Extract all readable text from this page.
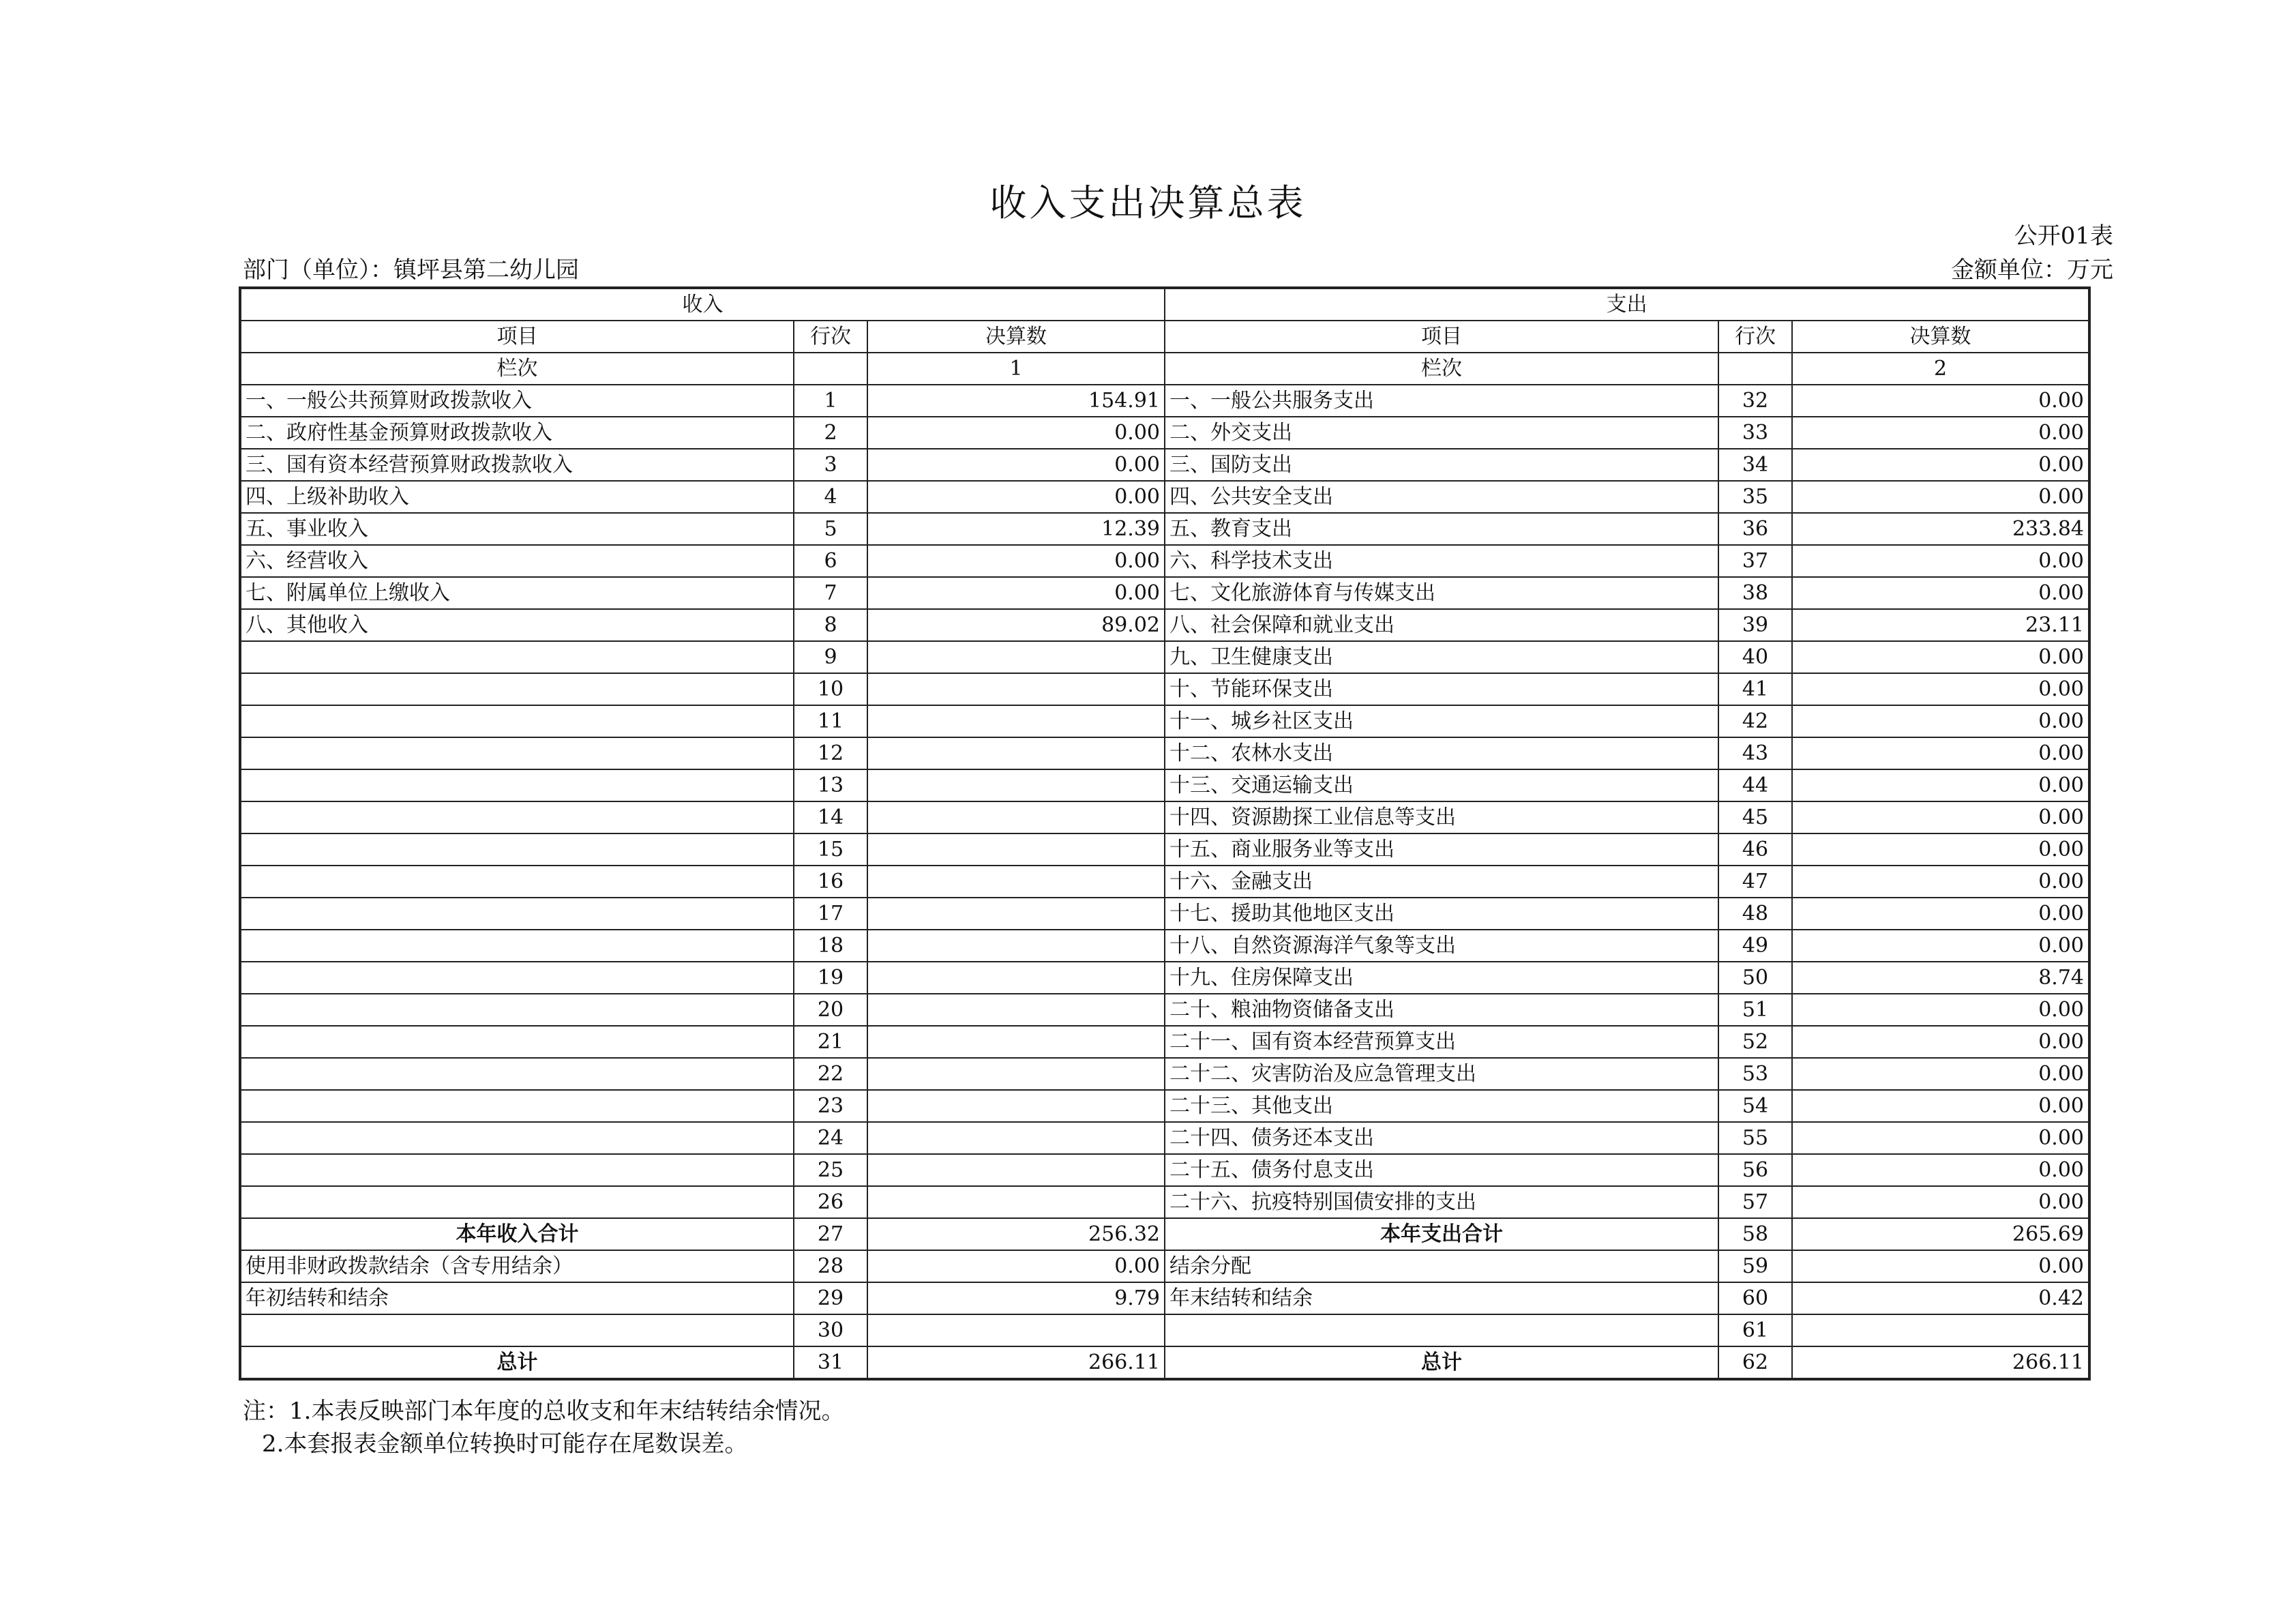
收入支出决算总表
公开01表
部门（单位）：镇坪县第二幼儿园	金额单位：万元
收入			支出		
项目	行次	决算数	项目	行次	决算数
栏次		1	栏次		2
一、一般公共预算财政拨款收入	1	154.91	一、一般公共服务支出	32	0.00
二、政府性基金预算财政拨款收入	2	0.00	二、外交支出	33	0.00
三、国有资本经营预算财政拨款收入	3	0.00	三、国防支出	34	0.00
四、上级补助收入	4	0.00	四、公共安全支出	35	0.00
五、事业收入	5	12.39	五、教育支出	36	233.84
六、经营收入	6	0.00	六、科学技术支出	37	0.00
七、附属单位上缴收入	7	0.00	七、文化旅游体育与传媒支出	38	0.00
八、其他收入	8	89.02	八、社会保障和就业支出	39	23.11
	9		九、卫生健康支出	40	0.00
	10		十、节能环保支出	41	0.00
	11		十一、城乡社区支出	42	0.00
	12		十二、农林水支出	43	0.00
	13		十三、交通运输支出	44	0.00
	14		十四、资源勘探工业信息等支出	45	0.00
	15		十五、商业服务业等支出	46	0.00
	16		十六、金融支出	47	0.00
	17		十七、援助其他地区支出	48	0.00
	18		十八、自然资源海洋气象等支出	49	0.00
	19		十九、住房保障支出	50	8.74
	20		二十、粮油物资储备支出	51	0.00
	21		二十一、国有资本经营预算支出	52	0.00
	22		二十二、灾害防治及应急管理支出	53	0.00
	23		二十三、其他支出	54	0.00
	24		二十四、债务还本支出	55	0.00
	25		二十五、债务付息支出	56	0.00
	26		二十六、抗疫特别国债安排的支出	57	0.00
本年收入合计	27	256.32	本年支出合计	58	265.69
使用非财政拨款结余（含专用结余）	28	0.00	结余分配	59	0.00
年初结转和结余	29	9.79	年末结转和结余	60	0.42
	30			61	
总计	31	266.11	总计	62	266.11
注：1.本表反映部门本年度的总收支和年末结转结余情况。
2.本套报表金额单位转换时可能存在尾数误差。
